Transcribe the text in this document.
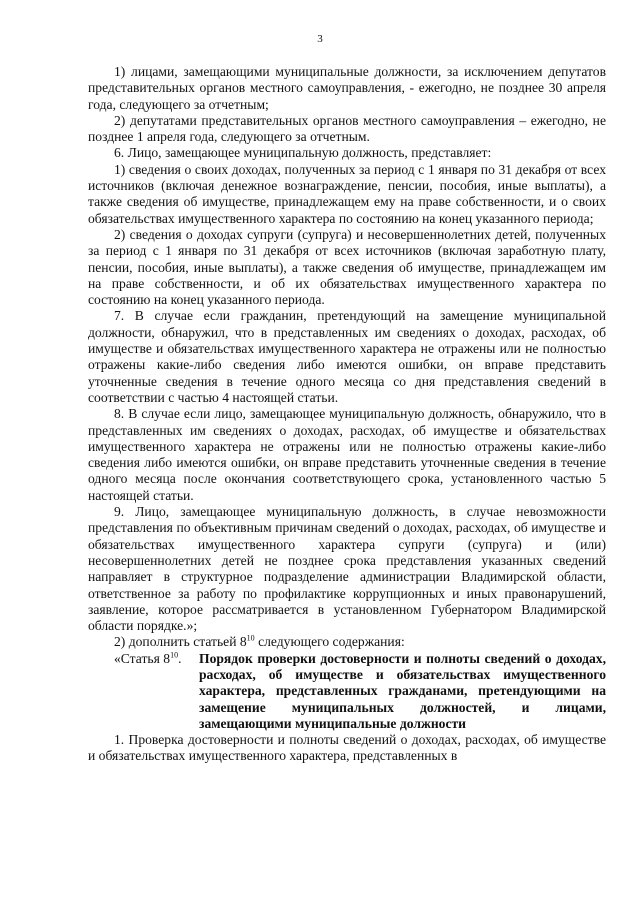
3

1) лицами, замещающими муниципальные должности, за исключением депутатов представительных органов местного самоуправления, - ежегодно, не позднее 30 апреля года, следующего за отчетным;

2) депутатами представительных органов местного самоуправления – ежегодно, не позднее 1 апреля года, следующего за отчетным.

6. Лицо, замещающее муниципальную должность, представляет:

1) сведения о своих доходах, полученных за период с 1 января по 31 декабря от всех источников (включая денежное вознаграждение, пенсии, пособия, иные выплаты), а также сведения об имуществе, принадлежащем ему на праве собственности, и о своих обязательствах имущественного характера по состоянию на конец указанного периода;

2) сведения о доходах супруги (супруга) и несовершеннолетних детей, полученных за период с 1 января по 31 декабря от всех источников (включая заработную плату, пенсии, пособия, иные выплаты), а также сведения об имуществе, принадлежащем им на праве собственности, и об их обязательствах имущественного характера по состоянию на конец указанного периода.

7. В случае если гражданин, претендующий на замещение муниципальной должности, обнаружил, что в представленных им сведениях о доходах, расходах, об имуществе и обязательствах имущественного характера не отражены или не полностью отражены какие-либо сведения либо имеются ошибки, он вправе представить уточненные сведения в течение одного месяца со дня представления сведений в соответствии с частью 4 настоящей статьи.

8. В случае если лицо, замещающее муниципальную должность, обнаружило, что в представленных им сведениях о доходах, расходах, об имуществе и обязательствах имущественного характера не отражены или не полностью отражены какие-либо сведения либо имеются ошибки, он вправе представить уточненные сведения в течение одного месяца после окончания соответствующего срока, установленного частью 5 настоящей статьи.

9. Лицо, замещающее муниципальную должность, в случае невозможности представления по объективным причинам сведений о доходах, расходах, об имуществе и обязательствах имущественного характера супруги (супруга) и (или) несовершеннолетних детей не позднее срока представления указанных сведений направляет в структурное подразделение администрации Владимирской области, ответственное за работу по профилактике коррупционных и иных правонарушений, заявление, которое рассматривается в установленном Губернатором Владимирской области порядке.»;

2) дополнить статьей $8^{10}$ следующего содержания:

«Статья $8^{10}$. Порядок проверки достоверности и полноты сведений о доходах, расходах, об имуществе и обязательствах имущественного характера, представленных гражданами, претендующими на замещение муниципальных должностей, и лицами, замещающими муниципальные должности

1. Проверка достоверности и полноты сведений о доходах, расходах, об имуществе и обязательствах имущественного характера, представленных в
